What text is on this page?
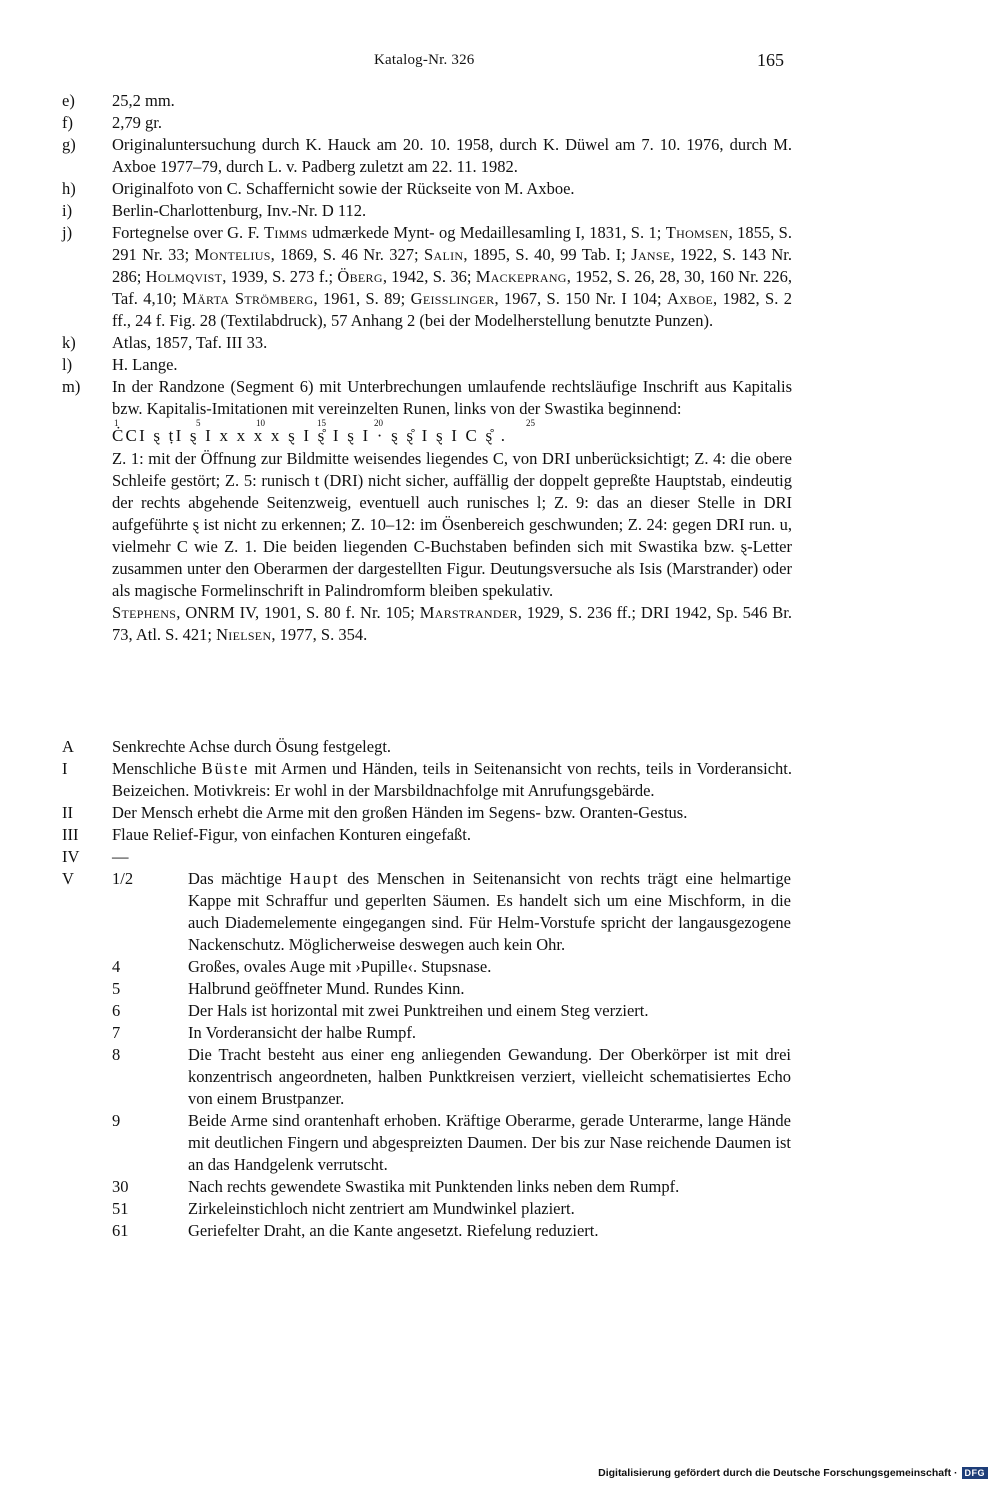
Katalog-Nr. 326	165
e) 25,2 mm.
f) 2,79 gr.
g) Originaluntersuchung durch K. Hauck am 20. 10. 1958, durch K. Düwel am 7. 10. 1976, durch M. Axboe 1977–79, durch L. v. Padberg zuletzt am 22. 11. 1982.
h) Originalfoto von C. Schaffernicht sowie der Rückseite von M. Axboe.
i) Berlin-Charlottenburg, Inv.-Nr. D 112.
j) Fortegnelse over G. F. Timms udmærkede Mynt- og Medaillesamling I, 1831, S. 1; Thomsen, 1855, S. 291 Nr. 33; Montelius, 1869, S. 46 Nr. 327; Salin, 1895, S. 40, 99 Tab. I; Janse, 1922, S. 143 Nr. 286; Holmqvist, 1939, S. 273 f.; Öberg, 1942, S. 36; Mackeprang, 1952, S. 26, 28, 30, 160 Nr. 226, Taf. 4,10; Märta Strömberg, 1961, S. 89; Geisslinger, 1967, S. 150 Nr. I 104; Axboe, 1982, S. 2 ff., 24 f. Fig. 28 (Textilabdruck), 57 Anhang 2 (bei der Modelherstellung benutzte Punzen).
k) Atlas, 1857, Taf. III 33.
l) H. Lange.
m) In der Randzone (Segment 6) mit Unterbrechungen umlaufende rechtsläufige Inschrift aus Kapitalis bzw. Kapitalis-Imitationen mit vereinzelten Runen, links von der Swastika beginnend:
1	5	10	15	20	25
ĊCI ȿ ṭI ȿ I x x x x ȿ I ȿ̊ I ȿ I · ȿ ȿ̊ I ȿ I C ȿ̊ .
Z. 1: mit der Öffnung zur Bildmitte weisendes liegendes C, von DRI unberücksichtigt; Z. 4: die obere Schleife gestört; Z. 5: runisch t (DRI) nicht sicher, auffällig der doppelt gepreßte Hauptstab, eindeutig der rechts abgehende Seitenzweig, eventuell auch runisches l; Z. 9: das an dieser Stelle in DRI aufgeführte ȿ ist nicht zu erkennen; Z. 10–12: im Ösenbereich geschwunden; Z. 24: gegen DRI run. u, vielmehr C wie Z. 1. Die beiden liegenden C-Buchstaben befinden sich mit Swastika bzw. ȿ-Letter zusammen unter den Oberarmen der dargestellten Figur. Deutungsversuche als Isis (Marstrander) oder als magische Formelinschrift in Palindromform bleiben spekulativ.
Stephens, ONRM IV, 1901, S. 80 f. Nr. 105; Marstrander, 1929, S. 236 ff.; DRI 1942, Sp. 546 Br. 73, Atl. S. 421; Nielsen, 1977, S. 354.
A Senkrechte Achse durch Ösung festgelegt.
I	Menschliche Büste mit Armen und Händen, teils in Seitenansicht von rechts, teils in Vorderansicht. Beizeichen. Motivkreis: Er wohl in der Marsbildnachfolge mit Anrufungsgebärde.
II Der Mensch erhebt die Arme mit den großen Händen im Segens- bzw. Oranten-Gestus.
III Flaue Relief-Figur, von einfachen Konturen eingefaßt.
IV —
V 1/2	Das mächtige Haupt des Menschen in Seitenansicht von rechts trägt eine helmartige Kappe mit Schraffur und geperlten Säumen. Es handelt sich um eine Mischform, in die auch Diademelemente eingegangen sind. Für Helm-Vorstufe spricht der langausgezogene Nackenschutz. Möglicherweise deswegen auch kein Ohr.
4	Großes, ovales Auge mit ›Pupille‹. Stupsnase.
5	Halbrund geöffneter Mund. Rundes Kinn.
6	Der Hals ist horizontal mit zwei Punktreihen und einem Steg verziert.
7	In Vorderansicht der halbe Rumpf.
8	Die Tracht besteht aus einer eng anliegenden Gewandung. Der Oberkörper ist mit drei konzentrisch angeordneten, halben Punktkreisen verziert, vielleicht schematisiertes Echo von einem Brustpanzer.
9	Beide Arme sind orantenhaft erhoben. Kräftige Oberarme, gerade Unterarme, lange Hände mit deutlichen Fingern und abgespreizten Daumen. Der bis zur Nase reichende Daumen ist an das Handgelenk verrutscht.
30	Nach rechts gewendete Swastika mit Punktenden links neben dem Rumpf.
51	Zirkeleinstichloch nicht zentriert am Mundwinkel plaziert.
61	Geriefelter Draht, an die Kante angesetzt. Riefelung reduziert.
Digitalisierung gefördert durch die Deutsche Forschungsgemeinschaft · DFG
